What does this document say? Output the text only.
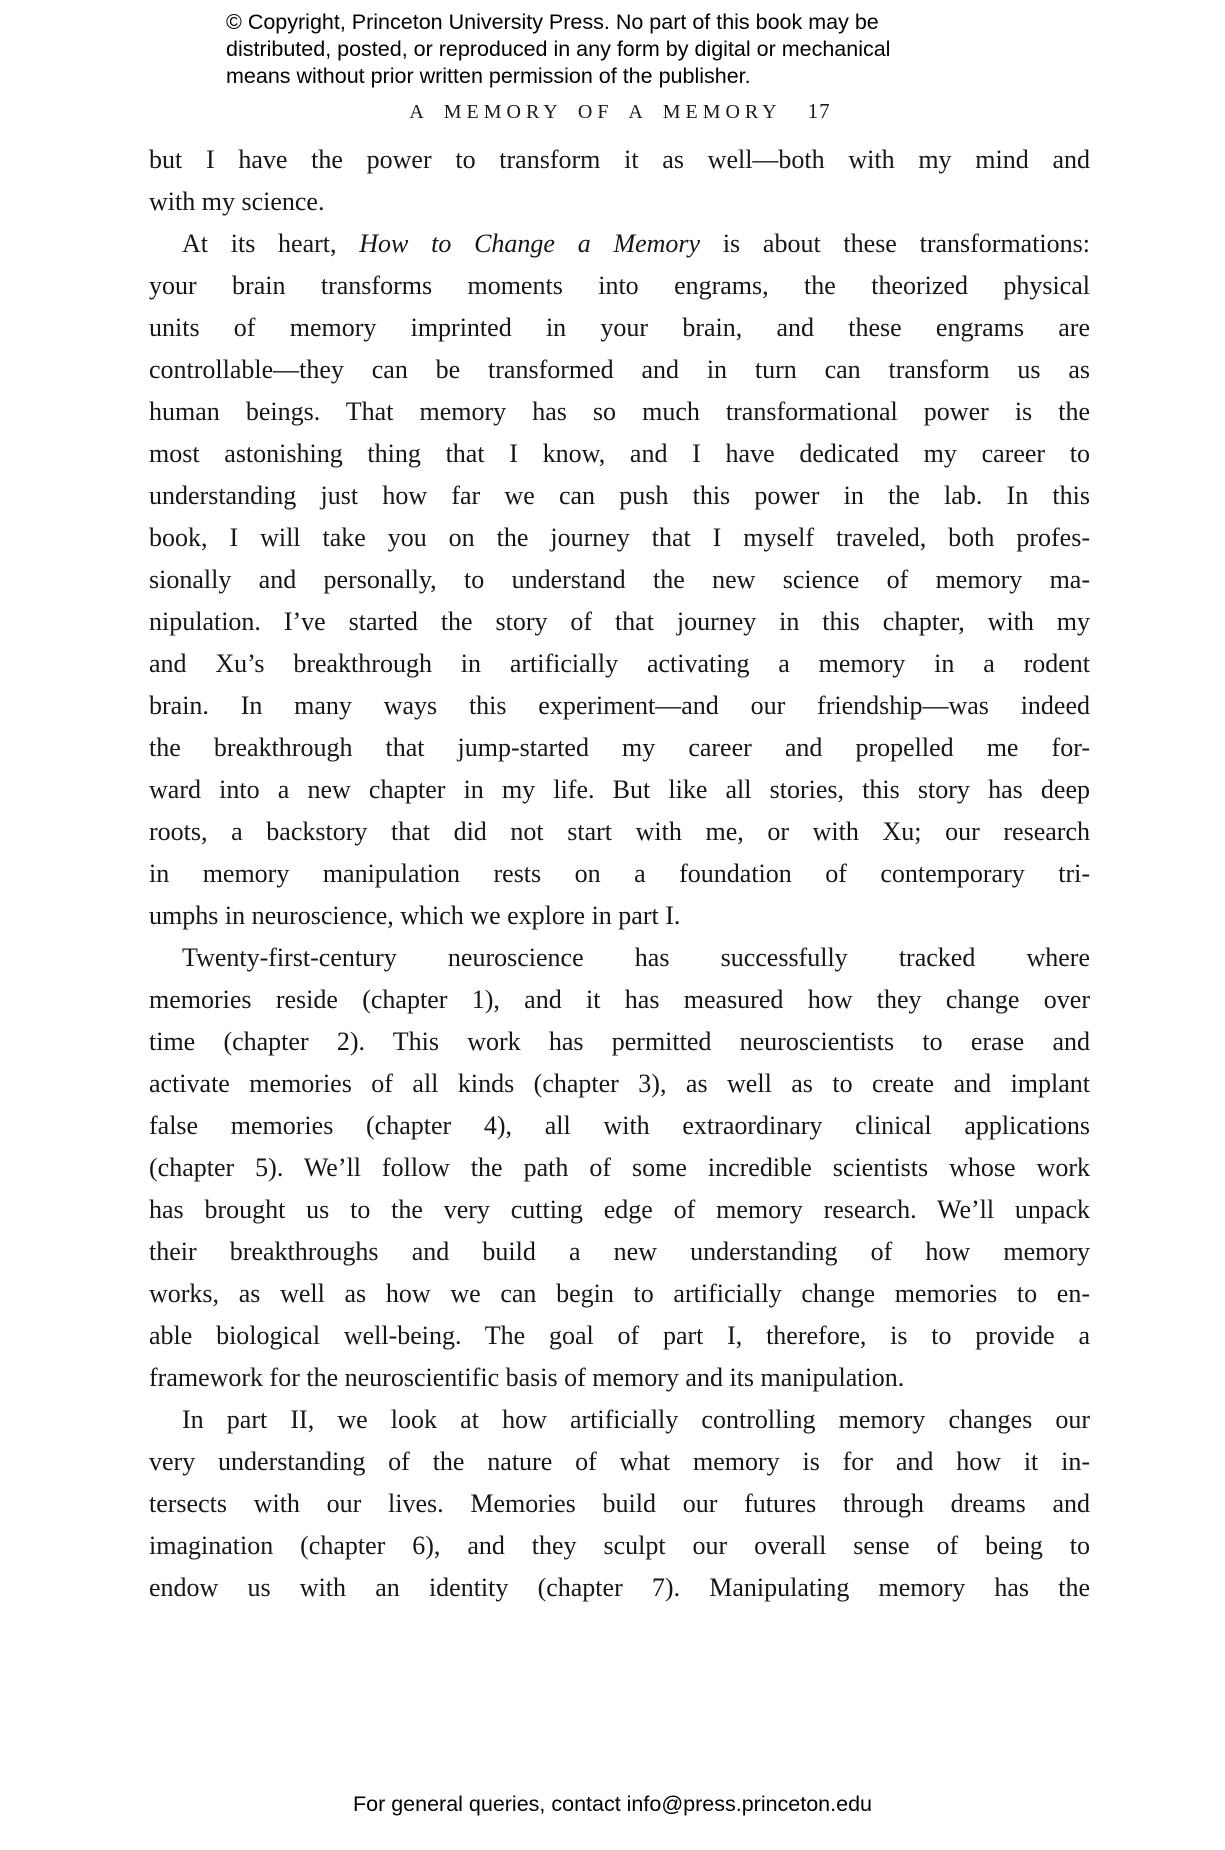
© Copyright, Princeton University Press. No part of this book may be
distributed, posted, or reproduced in any form by digital or mechanical
means without prior written permission of the publisher.
A MEMORY OF A MEMORY 17
but I have the power to transform it as well—both with my mind and
with my science.
At its heart, How to Change a Memory is about these transformations:
your brain transforms moments into engrams, the theorized physical
units of memory imprinted in your brain, and these engrams are
controllable—they can be transformed and in turn can transform us as
human beings. That memory has so much transformational power is the
most astonishing thing that I know, and I have dedicated my career to
understanding just how far we can push this power in the lab. In this
book, I will take you on the journey that I myself traveled, both profes-
sionally and personally, to understand the new science of memory ma-
nipulation. I’ve started the story of that journey in this chapter, with my
and Xu’s breakthrough in artificially activating a memory in a rodent
brain. In many ways this experiment—and our friendship—was indeed
the breakthrough that jump-started my career and propelled me for-
ward into a new chapter in my life. But like all stories, this story has deep
roots, a backstory that did not start with me, or with Xu; our research
in memory manipulation rests on a foundation of contemporary tri-
umphs in neuroscience, which we explore in part I.
Twenty-first-century neuroscience has successfully tracked where
memories reside (chapter 1), and it has measured how they change over
time (chapter 2). This work has permitted neuroscientists to erase and
activate memories of all kinds (chapter 3), as well as to create and implant
false memories (chapter 4), all with extraordinary clinical applications
(chapter 5). We’ll follow the path of some incredible scientists whose work
has brought us to the very cutting edge of memory research. We’ll unpack
their breakthroughs and build a new understanding of how memory
works, as well as how we can begin to artificially change memories to en-
able biological well-being. The goal of part I, therefore, is to provide a
framework for the neuroscientific basis of memory and its manipulation.
In part II, we look at how artificially controlling memory changes our
very understanding of the nature of what memory is for and how it in-
tersects with our lives. Memories build our futures through dreams and
imagination (chapter 6), and they sculpt our overall sense of being to
endow us with an identity (chapter 7). Manipulating memory has the
For general queries, contact info@press.princeton.edu
